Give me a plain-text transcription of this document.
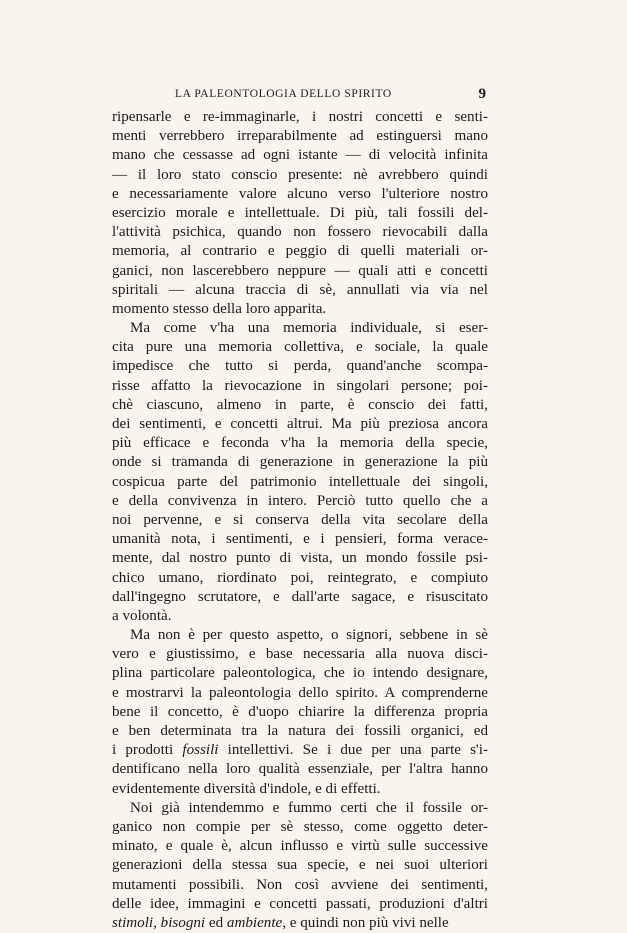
LA PALEONTOLOGIA DELLO SPIRITO	9
ripensarle e re-immaginarle, i nostri concetti e senti-
menti verrebbero irreparabilmente ad estinguersi mano
mano che cessasse ad ogni istante — di velocità infinita
— il loro stato conscio presente: nè avrebbero quindi
e necessariamente valore alcuno verso l'ulteriore nostro
esercizio morale e intellettuale. Di più, tali fossili del-
l'attività psichica, quando non fossero rievocabili dalla
memoria, al contrario e peggio di quelli materiali or-
ganici, non lascerebbero neppure — quali atti e concetti
spiritali — alcuna traccia di sè, annullati via via nel
momento stesso della loro apparita.
Ma come v'ha una memoria individuale, si eser-
cita pure una memoria collettiva, e sociale, la quale
impedisce che tutto si perda, quand'anche scompa-
risse affatto la rievocazione in singolari persone; poi-
chè ciascuno, almeno in parte, è conscio dei fatti,
dei sentimenti, e concetti altrui. Ma più preziosa ancora
più efficace e feconda v'ha la memoria della specie,
onde si tramanda di generazione in generazione la più
cospicua parte del patrimonio intellettuale dei singoli,
e della convivenza in intero. Perciò tutto quello che a
noi pervenne, e si conserva della vita secolare della
umanità nota, i sentimenti, e i pensieri, forma verace-
mente, dal nostro punto di vista, un mondo fossile psi-
chico umano, riordinato poi, reintegrato, e compiuto
dall'ingegno scrutatore, e dall'arte sagace, e risuscitato
a volontà.
Ma non è per questo aspetto, o signori, sebbene in sè
vero e giustissimo, e base necessaria alla nuova disci-
plina particolare paleontologica, che io intendo designare,
e mostrarvi la paleontologia dello spirito. A comprenderne
bene il concetto, è d'uopo chiarire la differenza propria
e ben determinata tra la natura dei fossili organici, ed
i prodotti fossili intellettivi. Se i due per una parte s'i-
dentificano nella loro qualità essenziale, per l'altra hanno
evidentemente diversità d'indole, e di effetti.
Noi già intendemmo e fummo certi che il fossile or-
ganico non compie per sè stesso, come oggetto deter-
minato, e quale è, alcun influsso e virtù sulle successive
generazioni della stessa sua specie, e nei suoi ulteriori
mutamenti possibili. Non così avviene dei sentimenti,
delle idee, immagini e concetti passati, produzioni d'altri
stimoli, bisogni ed ambiente, e quindi non più vivi nelle
